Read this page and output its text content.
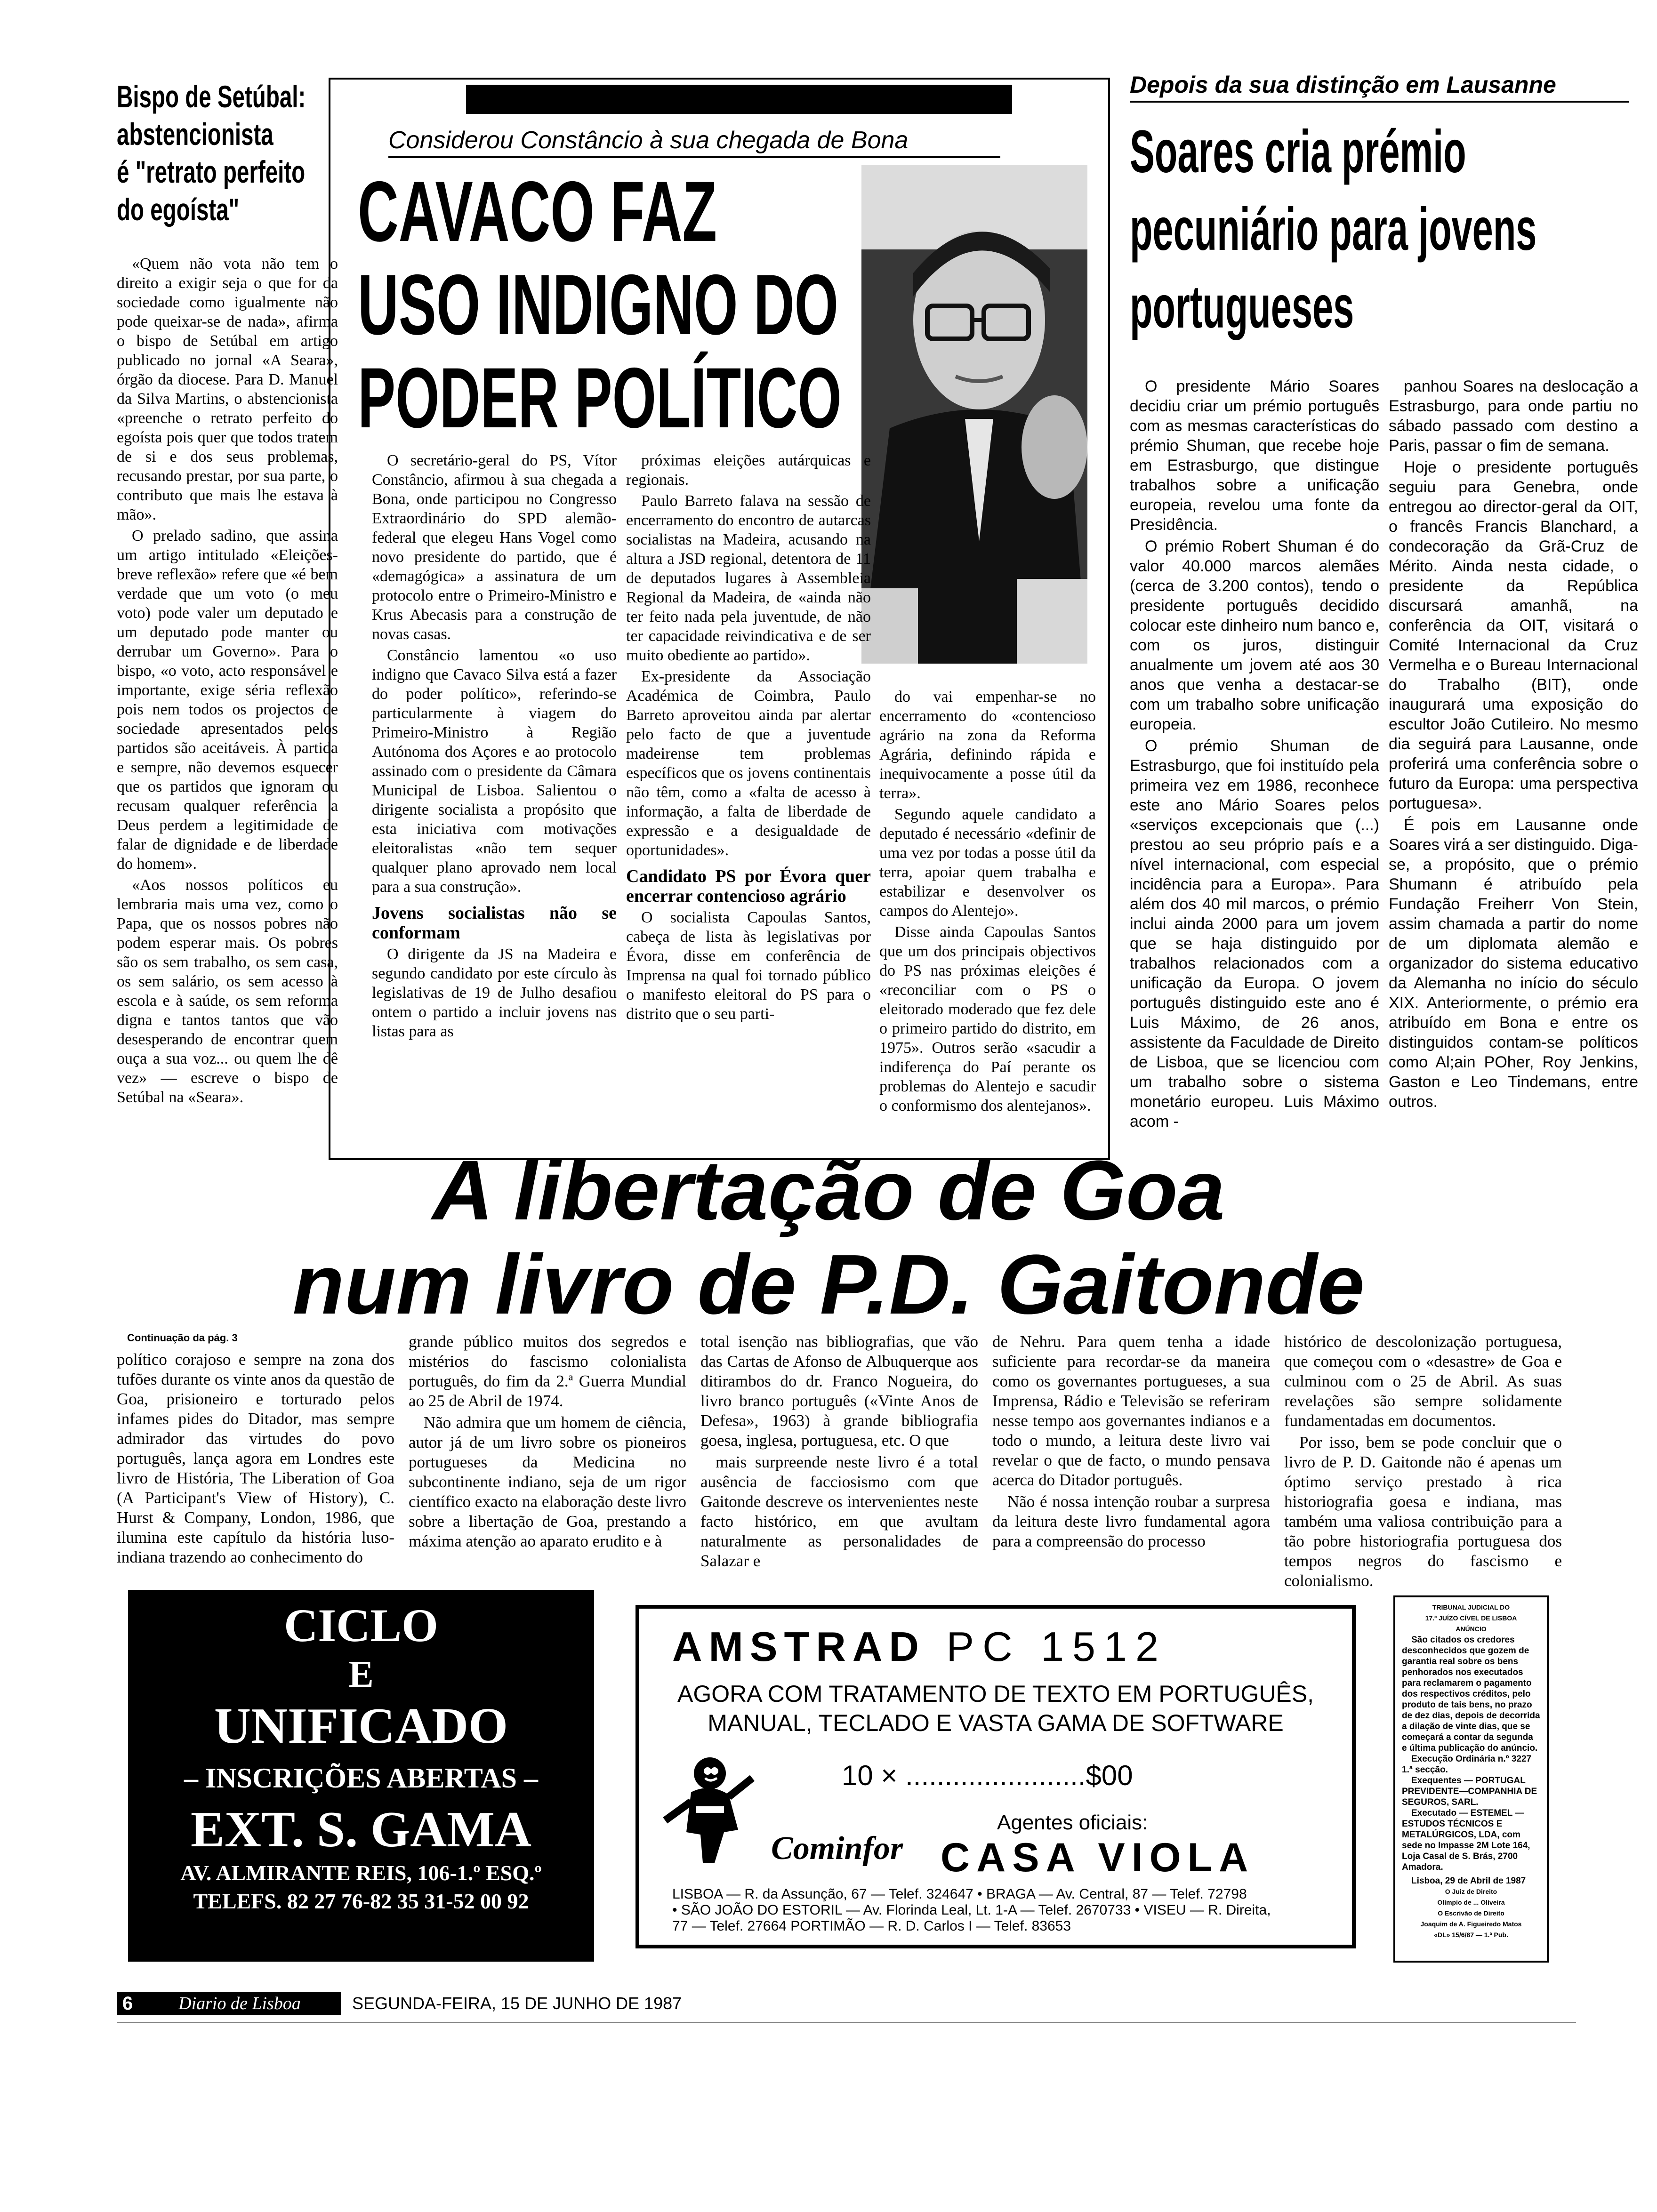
Bispo de Setúbal:
abstencionista
é "retrato perfeito
do egoísta"

«Quem não vota não tem o direito a exigir seja o que for da sociedade como igualmente não pode queixar-se de nada», afirma o bispo de Setúbal em artigo publicado no jornal «A Seara», órgão da diocese. Para D. Manuel da Silva Martins, o abstencionista «preenche o retrato perfeito do egoísta pois quer que todos tratem de si e dos seus problemas, recusando prestar, por sua parte, o contributo que mais lhe estava à mão».

O prelado sadino, que assina um artigo intitulado «Eleições-breve reflexão» refere que «é bem verdade que um voto (o meu voto) pode valer um deputado e um deputado pode manter ou derrubar um Governo». Para o bispo, «o voto, acto responsável e importante, exige séria reflexão pois nem todos os projectos de sociedade apresentados pelos partidos são aceitáveis. À partida e sempre, não devemos esquecer que os partidos que ignoram ou recusam qualquer referência a Deus perdem a legitimidade de falar de dignidade e de liberdade do homem».

«Aos nossos políticos eu lembraria mais uma vez, como o Papa, que os nossos pobres não podem esperar mais. Os pobres são os sem trabalho, os sem casa, os sem salário, os sem acesso à escola e à saúde, os sem reforma digna e tantos tantos que vão desesperando de encontrar quem ouça a sua voz... ou quem lhe dê vez» — escreve o bispo de Setúbal na «Seara».

Considerou Constâncio à sua chegada de Bona
CAVACO FAZ
USO INDIGNO DO
PODER POLÍTICO

O secretário-geral do PS, Vítor Constâncio, afirmou à sua chegada a Bona, onde participou no Congresso Extraordinário do SPD alemão-federal que elegeu Hans Vogel como novo presidente do partido, que é «demagógica» a assinatura de um protocolo entre o Primeiro-Ministro e Krus Abecasis para a construção de novas casas.

Constâncio lamentou «o uso indigno que Cavaco Silva está a fazer do poder político», referindo-se particularmente à viagem do Primeiro-Ministro à Região Autónoma dos Açores e ao protocolo assinado com o presidente da Câmara Municipal de Lisboa. Salientou o dirigente socialista a propósito que esta iniciativa com motivações eleitoralistas «não tem sequer qualquer plano aprovado nem local para a sua construção».

Jovens socialistas não se conformam

O dirigente da JS na Madeira e segundo candidato por este círculo às legislativas de 19 de Julho desafiou ontem o partido a incluir jovens nas listas para as

próximas eleições autárquicas e regionais.

Paulo Barreto falava na sessão de encerramento do encontro de autarcas socialistas na Madeira, acusando na altura a JSD regional, detentora de 11 de deputados lugares à Assembleia Regional da Madeira, de «ainda não ter feito nada pela juventude, de não ter capacidade reivindicativa e de ser muito obediente ao partido».

Ex-presidente da Associação Académica de Coimbra, Paulo Barreto aproveitou ainda par alertar pelo facto de que a juventude madeirense tem problemas específicos que os jovens continentais não têm, como a «falta de acesso à informação, a falta de liberdade de expressão e a desigualdade de oportunidades».

Candidato PS por Évora quer encerrar contencioso agrário

O socialista Capoulas Santos, cabeça de lista às legislativas por Évora, disse em conferência de Imprensa na qual foi tornado público o manifesto eleitoral do PS para o distrito que o seu parti-

do vai empenhar-se no encerramento do «contencioso agrário na zona da Reforma Agrária, definindo rápida e inequivocamente a posse útil da terra».

Segundo aquele candidato a deputado é necessário «definir de uma vez por todas a posse útil da terra, apoiar quem trabalha e estabilizar e desenvolver os campos do Alentejo».

Disse ainda Capoulas Santos que um dos principais objectivos do PS nas próximas eleições é «reconciliar com o PS o eleitorado moderado que fez dele o primeiro partido do distrito, em 1975». Outros serão «sacudir a indiferença do Paí perante os problemas do Alentejo e sacudir o conformismo dos alentejanos».

Depois da sua distinção em Lausanne
Soares cria prémio
pecuniário para jovens
portugueses

O presidente Mário Soares decidiu criar um prémio português com as mesmas características do prémio Shuman, que recebe hoje em Estrasburgo, que distingue trabalhos sobre a unificação europeia, revelou uma fonte da Presidência.

O prémio Robert Shuman é do valor 40.000 marcos alemães (cerca de 3.200 contos), tendo o presidente português decidido colocar este dinheiro num banco e, com os juros, distinguir anualmente um jovem até aos 30 anos que venha a destacar-se com um trabalho sobre unificação europeia.

O prémio Shuman de Estrasburgo, que foi instituído pela primeira vez em 1986, reconhece este ano Mário Soares pelos «serviços excepcionais que (...) prestou ao seu próprio país e a nível internacional, com especial incidência para a Europa». Para além dos 40 mil marcos, o prémio inclui ainda 2000 para um jovem que se haja distinguido por trabalhos relacionados com a unificação da Europa. O jovem português distinguido este ano é Luis Máximo, de 26 anos, assistente da Faculdade de Direito de Lisboa, que se licenciou com um trabalho sobre o sistema monetário europeu. Luis Máximo acom -

panhou Soares na deslocação a Estrasburgo, para onde partiu no sábado passado com destino a Paris, passar o fim de semana.

Hoje o presidente português seguiu para Genebra, onde entregou ao director-geral da OIT, o francês Francis Blanchard, a condecoração da Grã-Cruz de Mérito. Ainda nesta cidade, o presidente da República discursará amanhã, na conferência da OIT, visitará o Comité Internacional da Cruz Vermelha e o Bureau Internacional do Trabalho (BIT), onde inaugurará uma exposição do escultor João Cutileiro. No mesmo dia seguirá para Lausanne, onde proferirá uma conferência sobre o futuro da Europa: uma perspectiva portuguesa».

É pois em Lausanne onde Soares virá a ser distinguido. Diga-se, a propósito, que o prémio Shumann é atribuído pela Fundação Freiherr Von Stein, assim chamada a partir do nome de um diplomata alemão e organizador do sistema educativo da Alemanha no início do século XIX. Anteriormente, o prémio era atribuído em Bona e entre os distinguidos contam-se políticos como Al;ain POher, Roy Jenkins, Gaston e Leo Tindemans, entre outros.

A libertação de Goa
num livro de P.D. Gaitonde
Continuação da pág. 3

político corajoso e sempre na zona dos tufões durante os vinte anos da questão de Goa, prisioneiro e torturado pelos infames pides do Ditador, mas sempre admirador das virtudes do povo português, lança agora em Londres este livro de História, The Liberation of Goa (A Participant's View of History), C. Hurst & Company, London, 1986, que ilumina este capítulo da história luso-indiana trazendo ao conhecimento do

grande público muitos dos segredos e mistérios do fascismo colonialista português, do fim da 2.ª Guerra Mundial ao 25 de Abril de 1974.

Não admira que um homem de ciência, autor já de um livro sobre os pioneiros portugueses da Medicina no subcontinente indiano, seja de um rigor científico exacto na elaboração deste livro sobre a libertação de Goa, prestando a máxima atenção ao aparato erudito e à

total isenção nas bibliografias, que vão das Cartas de Afonso de Albuquerque aos ditirambos do dr. Franco Nogueira, do livro branco português («Vinte Anos de Defesa», 1963) à grande bibliografia goesa, inglesa, portuguesa, etc. O que

mais surpreende neste livro é a total ausência de facciosismo com que Gaitonde descreve os intervenientes neste facto histórico, em que avultam naturalmente as personalidades de Salazar e

de Nehru. Para quem tenha a idade suficiente para recordar-se da maneira como os governantes portugueses, a sua Imprensa, Rádio e Televisão se referiram nesse tempo aos governantes indianos e a todo o mundo, a leitura deste livro vai revelar o que de facto, o mundo pensava acerca do Ditador português.

Não é nossa intenção roubar a surpresa da leitura deste livro fundamental agora para a compreensão do processo

histórico de descolonização portuguesa, que começou com o «desastre» de Goa e culminou com o 25 de Abril. As suas revelações são sempre solidamente fundamentadas em documentos.

Por isso, bem se pode concluir que o livro de P. D. Gaitonde não é apenas um óptimo serviço prestado à rica historiografia goesa e indiana, mas também uma valiosa contribuição para a tão pobre historiografia portuguesa dos tempos negros do fascismo e colonialismo.

CICLO
E
UNIFICADO
– INSCRIÇÕES ABERTAS –
EXT. S. GAMA
AV. ALMIRANTE REIS, 106-1.º ESQ.º
TELEFS. 82 27 76-82 35 31-52 00 92
AMSTRAD PC 1512
AGORA COM TRATAMENTO DE TEXTO EM PORTUGUÊS,
MANUAL, TECLADO E VASTA GAMA DE SOFTWARE
10 × .......................$00
Agentes oficiais:
Cominfor CASA VIOLA
LISBOA — R. da Assunção, 67 — Telef. 324647 • BRAGA — Av. Central, 87 — Telef. 72798
• SÃO JOÃO DO ESTORIL — Av. Florinda Leal, Lt. 1-A — Telef. 2670733 • VISEU — R. Direita,
77 — Telef. 27664 PORTIMÃO — R. D. Carlos I — Telef. 83653
TRIBUNAL JUDICIAL DO
17.º JUÍZO CÍVEL DE LISBOA
ANÚNCIO
São citados os credores desconhecidos que gozem de garantia real sobre os bens penhorados nos executados para reclamarem o pagamento dos respectivos créditos, pelo produto de tais bens, no prazo de dez dias, depois de decorrida a dilação de vinte dias, que se começará a contar da segunda e última publicação do anúncio.
Execução Ordinária n.º 3227 1.ª secção.
Exequentes — PORTUGAL PREVIDENTE—COMPANHIA DE SEGUROS, SARL.
Executado — ESTEMEL — ESTUDOS TÉCNICOS E METALÚRGICOS, LDA, com sede no Impasse 2M Lote 164, Loja Casal de S. Brás, 2700 Amadora.
Lisboa, 29 de Abril de 1987
O Juiz de Direito
Olímpio de ... Oliveira
O Escrivão de Direito
Joaquim de A. Figueiredo Matos
«DL» 15/6/87 — 1.ª Pub.
6	Diario de Lisboa	SEGUNDA-FEIRA, 15 DE JUNHO DE 1987
